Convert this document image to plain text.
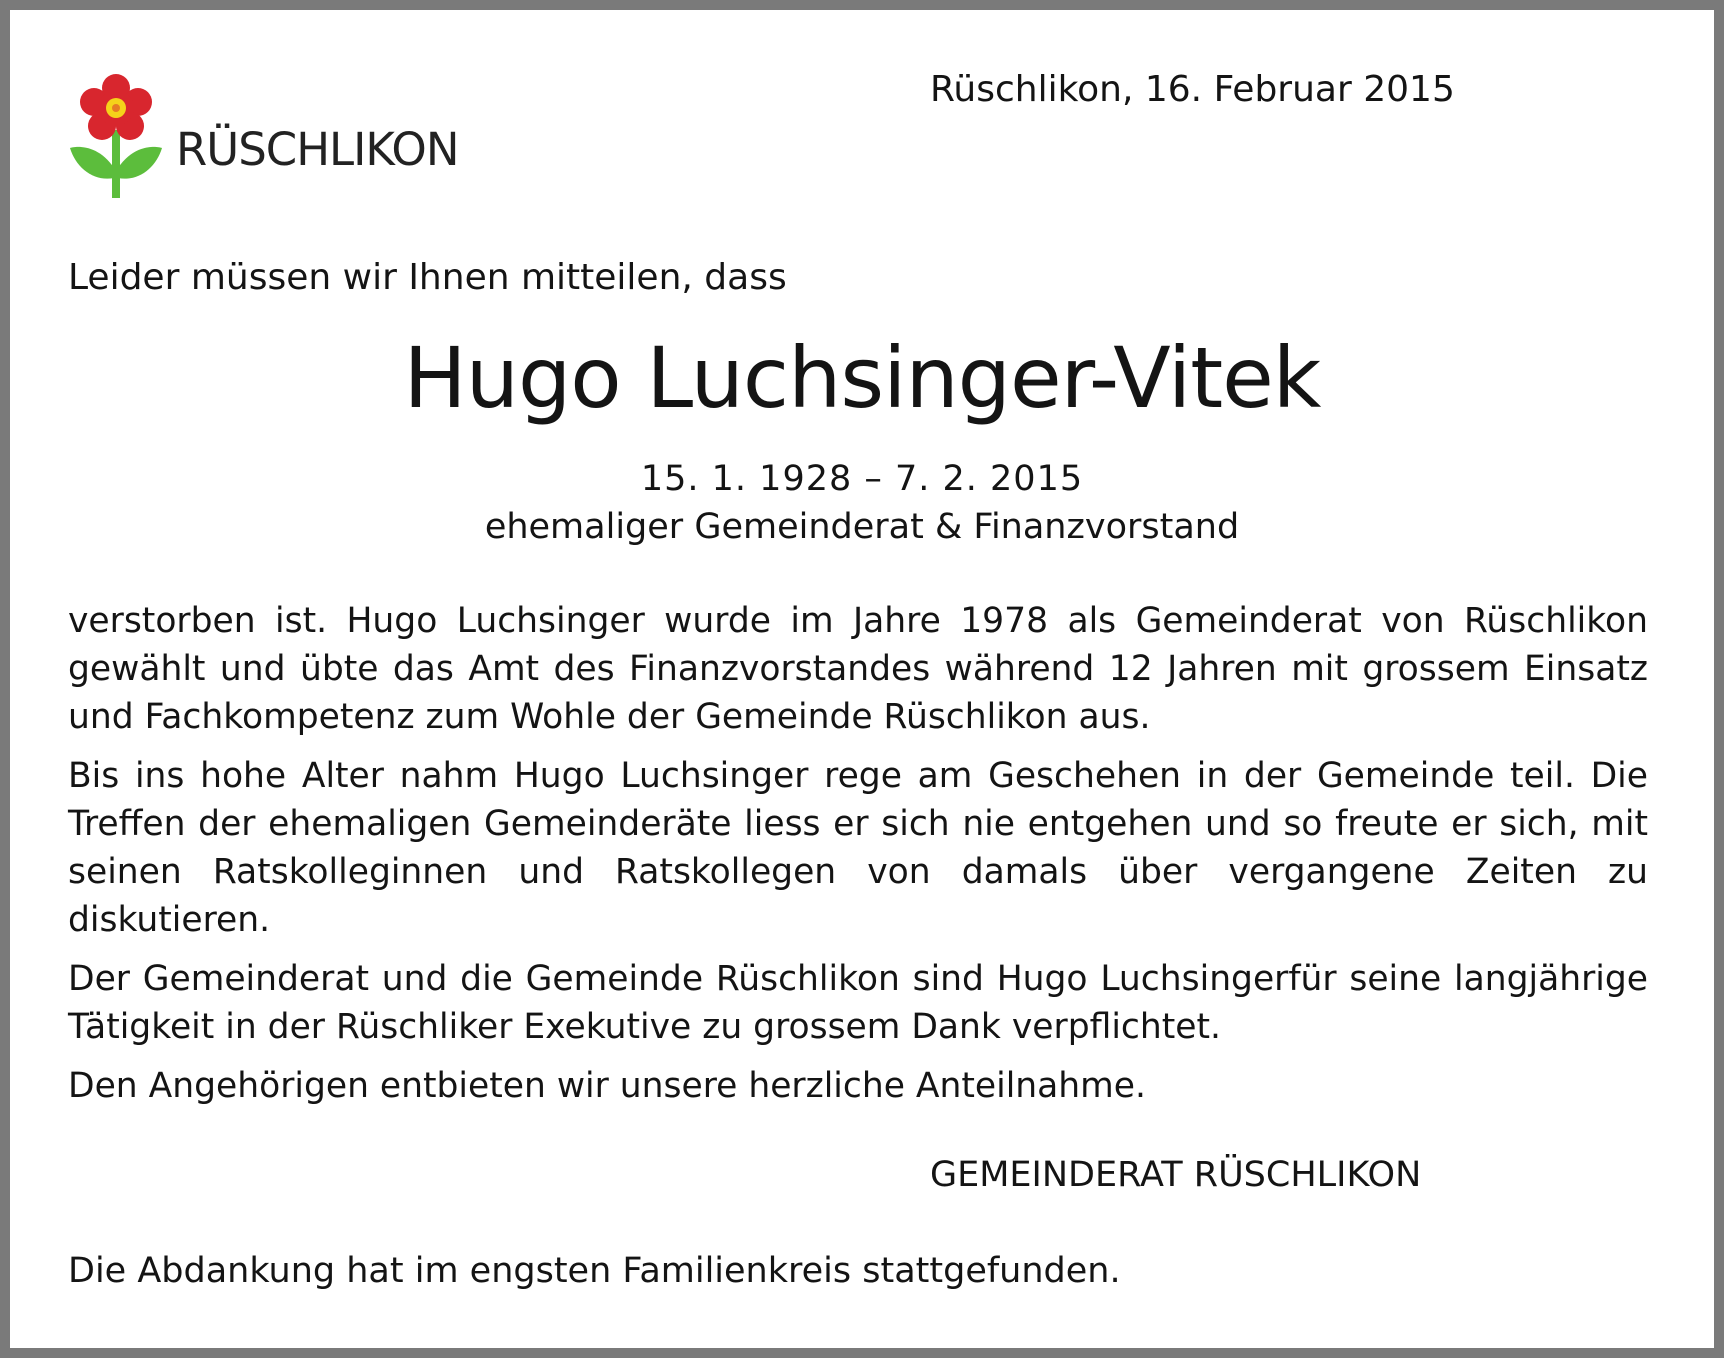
RÜSCHLIKON
Rüschlikon, 16. Februar 2015
Leider müssen wir Ihnen mitteilen, dass
Hugo Luchsinger-Vitek
15. 1. 1928 – 7. 2. 2015
ehemaliger Gemeinderat & Finanzvorstand

verstorben ist. Hugo Luchsinger wurde im Jahre 1978 als Gemeinderat von Rüschlikon gewählt und übte das Amt des Finanzvorstandes während 12 Jahren mit grossem Einsatz und Fachkompetenz zum Wohle der Gemeinde Rüschlikon aus.

Bis ins hohe Alter nahm Hugo Luchsinger rege am Geschehen in der Gemeinde teil. Die Treffen der ehemaligen Gemeinderäte liess er sich nie entgehen und so freute er sich, mit seinen Ratskolleginnen und Ratskollegen von damals über vergangene Zeiten zu diskutieren.

Der Gemeinderat und die Gemeinde Rüschlikon sind Hugo Luchsingerfür seine langjährige Tätigkeit in der Rüschliker Exekutive zu grossem Dank verpflichtet.

Den Angehörigen entbieten wir unsere herzliche Anteilnahme.

GEMEINDERAT RÜSCHLIKON
Die Abdankung hat im engsten Familienkreis stattgefunden.
